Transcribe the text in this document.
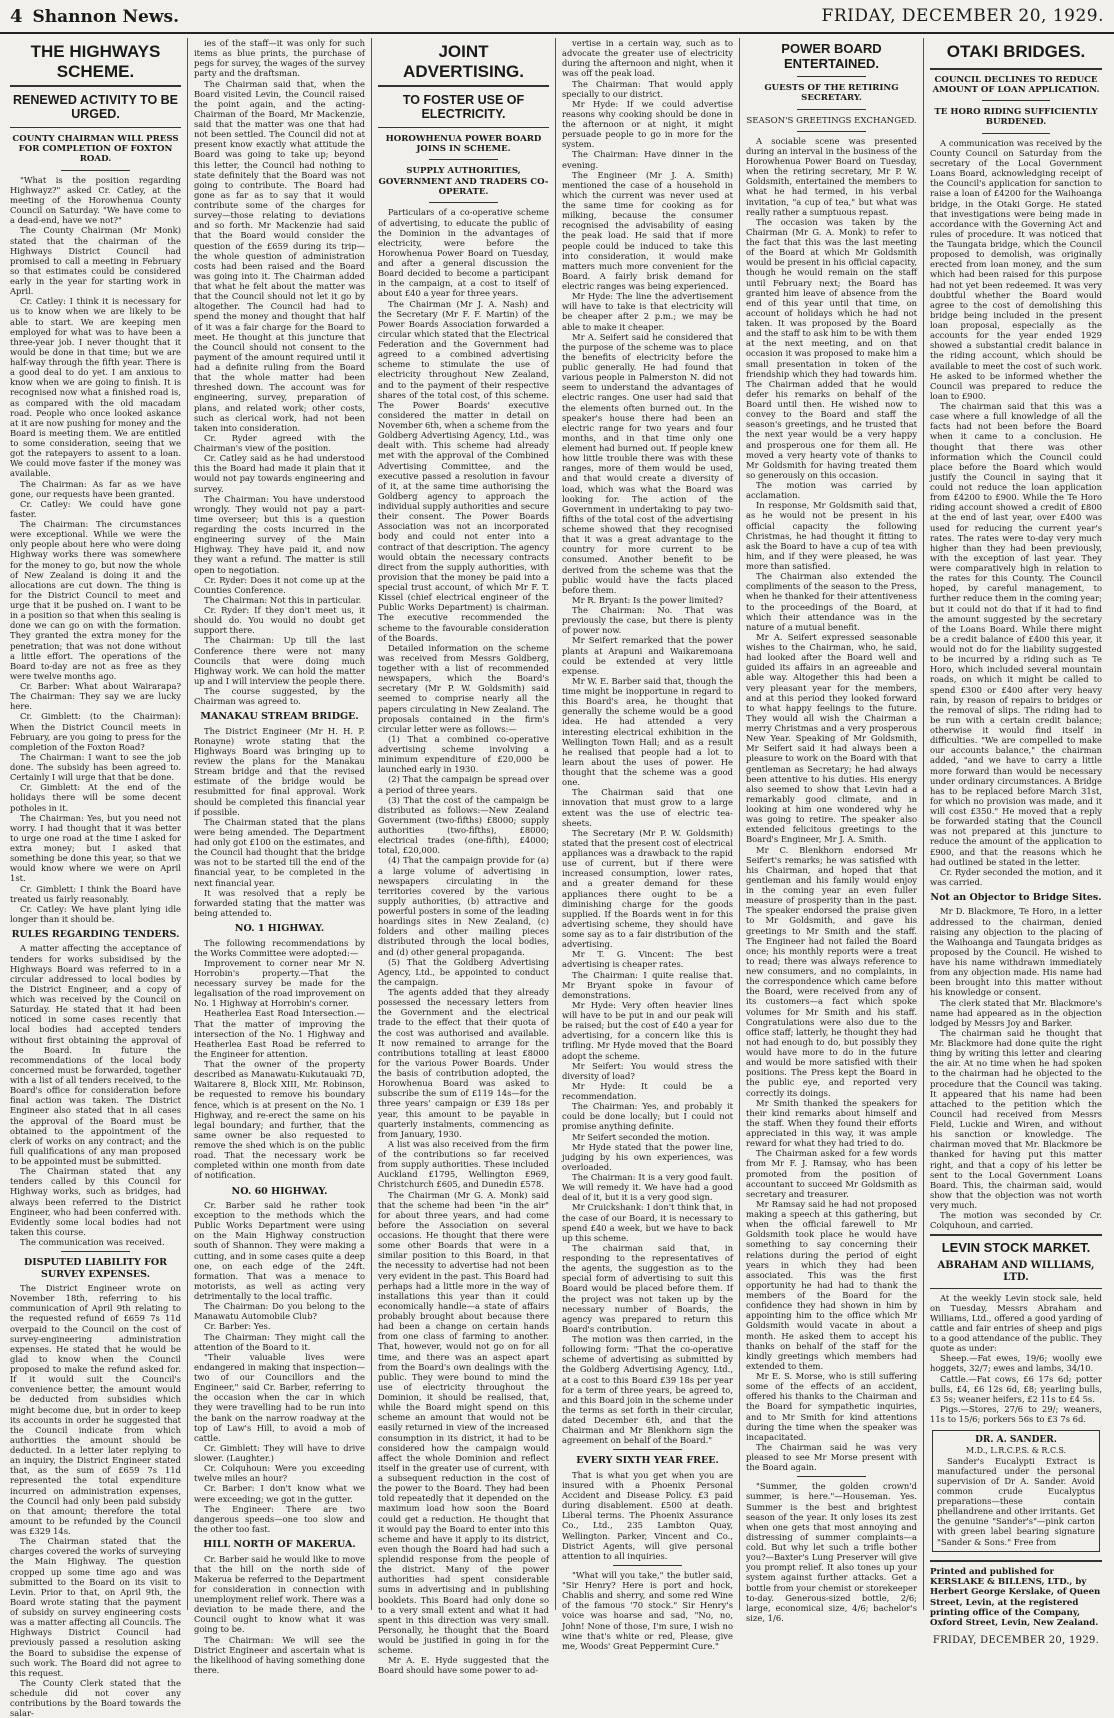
4 Shannon News.	FRIDAY, DECEMBER 20, 1929.
THE HIGHWAYS SCHEME.
RENEWED ACTIVITY TO BE URGED.
COUNTY CHAIRMAN WILL PRESS FOR COMPLETION OF FOXTON ROAD.

"What is the position regarding Highwayz?" asked Cr. Catley, at the meeting of the Horowhenua County Council on Saturday. "We have come to a dead-end, have we not?"

The County Chairman (Mr Monk) stated that the chairman of the Highways District Council had promised to call a meeting in February so that estimates could be considered early in the year for starting work in April.

Cr. Catley: I think it is necessary for us to know when we are likely to be able to start. We are keeping men employed for what was to have been a three-year job. I never thought that it would be done in that time; but we are half-way through the fifth year. There is a good deal to do yet. I am anxious to know when we are going to finish. It is recognised now what a finished road is, as compared with the old macadam road. People who once looked askance at it are now pushing for money and the Board is meeting them. We are entitled to some consideration, seeing that we got the ratepayers to assent to a loan. We could move faster if the money was available.

The Chairman: As far as we have gone, our requests have been granted.

Cr. Catley: We could have gone faster.

The Chairman: The circumstances were exceptional. While we were the only people about here who were doing Highway works there was somewhere for the money to go, but now the whole of New Zealand is doing it and the allocations are cut down. The thing is for the District Council to meet and urge that it be pushed on. I want to be in a position so that when this sealing is done we can go on with the formation. They granted the extra money for the penetration; that was not done without a little effort. The operations of the Board to-day are not as free as they were twelve months ago.

Cr. Barber: What about Wairarapa? The Chairman: They say we are lucky here.

Cr. Gimblett: (to the Chairman): When the District Council meets in February, are you going to press for the completion of the Foxton Road?

The Chairman: I want to see the job done. The subsidy has been agreed to. Certainly I will urge that that be done.

Cr. Gimblett: At the end of the holidays there will be some decent potholes in it.

The Chairman: Yes, but you need not worry. I had thought that it was better to urge one road at the time I asked for extra money; but I asked that something be done this year, so that we would know where we were on April 1st.

Cr. Gimblett: I think the Board have treated us fairly reasonably.

Cr. Catley: We have plant lying idle longer than it should be.

RULES REGARDING TENDERS.

A matter affecting the acceptance of tenders for works subsidised by the Highways Board was referred to in a circular addressed to local bodies by the District Engineer, and a copy of which was received by the Council on Saturday. He stated that it had been noticed in some cases recently that local bodies had accepted tenders without first obtaining the approval of the Board. In future the recommendations of the local body concerned must be forwarded, together with a list of all tenders received, to the Board's office for consideration before final action was taken. The District Engineer also stated that in all cases the approval of the Board must be obtained to the appointment of the clerk of works on any contract; and the full qualifications of any man proposed to be appointed must be submitted.

The Chairman stated that any tenders called by this Council for Highway works, such as bridges, had always been referred to the District Engineer, who had been conferred with. Evidently some local bodies had not taken this course.

The communication was received.

DISPUTED LIABILITY FOR SURVEY EXPENSES.

The District Engineer wrote on November 18th, referring to his communication of April 9th relating to the requested refund of £659 7s 11d overpaid to the Council on the cost of survey-engineering administration expenses. He stated that he would be glad to know when the Council proposed to make the refund asked for. If it would suit the Council's convenience better, the amount would be deducted from subsidies which might become due, but in order to keep its accounts in order he suggested that the Council indicate from which authorities the amount should be deducted. In a letter later replying to an inquiry, the District Engineer stated that, as the sum of £659 7s 11d represented the total expenditure incurred on administration expenses, the Council had only been paid subsidy on that amount; therefore the total amount to be refunded by the Council was £329 14s.

The Chairman stated that the charges covered the works of surveying the Main Highway. The question cropped up some time ago and was submitted to the Board on its visit to Levin. Prior to that, on April 9th, the Board wrote stating that the payment of subsidy on survey engineering costs was a matter affecting all Councils. The Highways District Council had previously passed a resolution asking the Board to subsidise the expense of such work. The Board did not agree to this request.

The County Clerk stated that the schedule did not cover any contributions by the Board towards the salar-

ies of the staff—it was only for such items as blue prints, the purchase of pegs for survey, the wages of the survey party and the draftsman.

The Chairman said that, when the Board visited Levin, the Council raised the point again, and the acting-Chairman of the Board, Mr Mackenzie, said that the matter was one that had not been settled. The Council did not at present know exactly what attitude the Board was going to take up; beyond this letter, the Council had nothing to state definitely that the Board was not going to contribute. The Board had gone as far as to say that it would contribute some of the charges for survey—those relating to deviations and so forth. Mr Mackenzie had said that the Board would consider the question of the £659 during its trip—the whole question of administration costs had been raised and the Board was going into it. The Chairman added that what he felt about the matter was that the Council should not let it go by altogether. The Council had had to spend the money and thought that half of it was a fair charge for the Board to meet. He thought at this juncture that the Council should not consent to the payment of the amount required until it had a definite ruling from the Board that the whole matter had been threshed down. The account was for engineering, survey, preparation of plans, and related work; other costs, such as clerical work, had not been taken into consideration.

Cr. Ryder agreed with the Chairman's view of the position.

Cr. Catley said as he had understood this the Board had made it plain that it would not pay towards engineering and survey.

The Chairman: You have understood wrongly. They would not pay a part-time overseer; but this is a question regarding the costs incurred in the engineering survey of the Main Highway. They have paid it, and now they want a refund. The matter is still open to negotiation.

Cr. Ryder: Does it not come up at the Counties Conference.

The Chairman: Not this in particular.

Cr. Ryder: If they don't meet us, it should do. You would no doubt get support there.

The Chairman: Up till the last Conference there were not many Councils that were doing much Highway work. We can hold the matter up and I will interview the people there.

The course suggested, by the Chairman was agreed to.

MANAKAU STREAM BRIDGE.

The District Engineer (Mr H. H. P. Ronayne) wrote stating that the Highways Board was bringing up to review the plans for the Manakau Stream bridge and that the revised estimate of the bridge would be resubmitted for final approval. Work should be completed this financial year if possible.

The Chairman stated that the plans were being amended. The Department had only got £100 on the estimates, and the Council had thought that the bridge was not to be started till the end of the financial year, to be completed in the next financial year.

It was resolved that a reply be forwarded stating that the matter was being attended to.

NO. 1 HIGHWAY.

The following recommendations by the Works Committee were adopted:—

Improvement to corner near Mr N. Horrobin's property.—That the necessary survey be made for the legalisation of the road improvement on No. 1 Highway at Horrobin's corner.

Heatherlea East Road Intersection.—That the matter of improving the intersection of the No. 1 Highway and Heatherlea East Road be referred to the Engineer for attention.

That the owner of the property described as Manawatu-Kukutauaki 7D, Waitarere 8, Block XIII, Mr. Robinson, be requested to remove his boundary fence, which is at present on the No. 1 Highway, and re-erect the same on his legal boundary; and further, that the same owner be also requested to remove the shed which is on the public road. That the necessary work be completed within one month from date of notification.

NO. 60 HIGHWAY.

Cr. Barber said he rather took exception to the methods which the Public Works Department were using on the Main Highway construction south of Shannon. They were making a cutting, and in some cases quite a deep one, on each edge of the 24ft. formation. That was a menace to motorists, as well as acting very detrimentally to the local traffic.

The Chairman: Do you belong to the Manawatu Automobile Club?

Cr. Barber: Yes.

The Chairman: They might call the attention of the Board to it.

"Their valuable lives were endangered in making that inspection—two of our Councillors and the Engineer," said Cr. Barber, referring to the occasion when the car in which they were travelling had to be run into the bank on the narrow roadway at the top of Law's Hill, to avoid a mob of cattle.

Cr. Gimblett: They will have to drive slower. (Laughter.)

Cr. Colquhoun: Were you exceeding twelve miles an hour?

Cr. Barber: I don't know what we were exceeding; we got in the gutter.

The Engineer: There are two dangerous speeds—one too slow and the other too fast.

HILL NORTH OF MAKERUA.

Cr. Barber said he would like to move that the hill on the north side of Makerua be referred to the Department for consideration in connection with unemployment relief work. There was a deviation to be made there, and the Council ought to know what it was going to be.

The Chairman: We will see the District Engineer and ascertain what is the likelihood of having something done there.

JOINT ADVERTISING.
TO FOSTER USE OF ELECTRICITY.
HOROWHENUA POWER BOARD JOINS IN SCHEME.
SUPPLY AUTHORITIES, GOVERNMENT AND TRADERS CO-OPERATE.

Particulars of a co-operative scheme of advertising, to educate the public of the Dominion in the advantages of electricity, were before the Horowhenua Power Board on Tuesday, and after a general discussion the Board decided to become a participant in the campaign, at a cost to itself of about £40 a year for three years.

The Chairman (Mr J. A. Nash) and the Secretary (Mr F. F. Martin) of the Power Boards Association forwarded a circular which stated that the Electrical Federation and the Government had agreed to a combined advertising scheme to stimulate the use of electricity throughout New Zealand, and to the payment of their respective shares of the total cost, of this scheme. The Power Boards' executive considered the matter in detail on November 6th, when a scheme from the Goldberg Advertising Agency, Ltd., was dealt with. This scheme had already met with the approval of the Combined Advertising Committee, and the executive passed a resolution in favour of it, at the same time authorising the Goldberg agency to approach the individual supply authorities and secure their consent. The Power Boards Association was not an incorporated body and could not enter into a contract of that description. The agency would obtain the necessary contracts direct from the supply authorities, with provision that the money be paid into a special trust account, of which Mr F. T. Kissel (chief electrical engineer of the Public Works Department) is chairman. The executive recommended the scheme to the favourable consideration of the Boards.

Detailed information on the scheme was received from Messrs Goldberg, together with a list of recommended newspapers, which the Board's secretary (Mr P. W. Goldsmith) said seemed to comprise nearly all the papers circulating in New Zealand. The proposals contained in the firm's circular letter were as follows:—

(1) That a combined co-operative advertising scheme involving a minimum expenditure of £20,000 be launched early in 1930.

(2) That the campaign be spread over a period of three years.

(3) That the cost of the campaign be distributed as follows:—New Zealand Government (two-fifths) £8000; supply authorities (two-fifths), £8000; electrical trades (one-fifth), £4000; total, £20,000.

(4) That the campaign provide for (a) a large volume of advertising in newspapers circulating in the territories covered by the various supply authorities, (b) attractive and powerful posters in some of the leading hoardings sites in New Zealand, (c) folders and other mailing pieces distributed through the local bodies, and (d) other general propaganda.

(5) That the Goldberg Advertising Agency, Ltd., be appointed to conduct the campaign.

The agents added that they already possessed the necessary letters from the Government and the electrical trade to the effect that their quota of the cost was authorised and available. It now remained to arrange for the contributions totalling at least £8000 for the various Power Boards. Under the basis of contribution adopted, the Horowhenua Board was asked to subscribe the sum of £119 14s—for the three years' campaign or £39 18s per year, this amount to be payable in quarterly instalments, commencing as from January, 1930.

A list was also received from the firm of the contributions so far received from supply authorities. These included Auckland £1795, Wellington £969, Christchurch £605, and Dunedin £578.

The Chairman (Mr G. A. Monk) said that the scheme had been "in the air" for about three years, and had come before the Association on several occasions. He thought that there were some other Boards that were in a similar position to this Board, in that the necessity to advertise had not been very evident in the past. This Board had perhaps had a little more in the way of installations this year than it could economically handle—a state of affairs probably brought about because there had been a change on certain hands from one class of farming to another. That, however, would not go on for all time, and there was an aspect apart from the Board's own dealings with the public. They were bound to mind the use of electricity throughout the Dominion, it should be realised, that, while the Board might spend on this scheme an amount that would not be easily returned in view of the increased consumption in its district, it had to be considered how the campaign would affect the whole Dominion and reflect itself in the greater use of current, with a subsequent reduction in the cost of the power to the Board. They had been told repeatedly that it depended on the maximum load how soon the Board could get a reduction. He thought that it would pay the Board to enter into this scheme and have it apply to its district, even though the Board had had such a splendid response from the people of the district. Many of the power authorities had spent considerable sums in advertising and in publishing booklets. This Board had only done so to a very small extent and what it had spent in this direction was very small. Personally, he thought that the Board would be justified in going in for the scheme.

Mr A. E. Hyde suggested that the Board should have some power to ad-

vertise in a certain way, such as to advocate the greater use of electricity during the afternoon and night, when it was off the peak load.

The Chairman: That would apply specially to our district.

Mr Hyde: If we could advertise reasons why cooking should be done in the afternoon or at night, it might persuade people to go in more for the system.

The Chairman: Have dinner in the evening.

The Engineer (Mr J. A. Smith) mentioned the case of a household in which the current was never used at the same time for cooking as for milking, because the consumer recognised the advisability of easing the peak load. He said that if more people could be induced to take this into consideration, it would make matters much more convenient for the Board. A fairly brisk demand for electric ranges was being experienced.

Mr Hyde: The line the advertisement will have to take is that electricity will be cheaper after 2 p.m.; we may be able to make it cheaper.

Mr A. Seifert said he considered that the purpose of the scheme was to place the benefits of electricity before the public generally. He had found that various people in Palmerston N. did not seem to understand the advantages of electric ranges. One user had said that the elements often burned out. In the speaker's house there had been an electric range for two years and four months, and in that time only one element had burned out. If people knew how little trouble there was with these ranges, more of them would be used, and that would create a diversity of load, which was what the Board was looking for. The action of the Government in undertaking to pay two-fifths of the total cost of the advertising scheme showed that they recognised that it was a great advantage to the country for more current to be consumed. Another benefit to be derived from the scheme was that the public would have the facts placed before them.

Mr R. Bryant: Is the power limited?

The Chairman: No. That was previously the case, but there is plenty of power now.

Mr Seifert remarked that the power plants at Arapuni and Waikaremoana could be extended at very little expense.

Mr W. E. Barber said that, though the time might be inopportune in regard to this Board's area, he thought that generally the scheme would be a good idea. He had attended a very interesting electrical exhibition in the Wellington Town Hall; and as a result he realised that people had a lot to learn about the uses of power. He thought that the scheme was a good one.

The Chairman said that one innovation that must grow to a large extent was the use of electric tea-sheets.

The Secretary (Mr P. W. Goldsmith) stated that the present cost of electrical appliances was a drawback to the rapid use of current, but if there were increased consumption, lower rates, and a greater demand for these appliances there ought to be a diminishing charge for the goods supplied. If the Boards went in for this advertising scheme, they should have some say as to a fair distribution of the advertising.

Mr T. G. Vincent: The best advertising is cheaper rates.

The Chairman: I quite realise that. Mr Bryant spoke in favour of demonstrations.

Mr Hyde: Very often heavier lines will have to be put in and our peak will be raised; but the cost of £40 a year for advertising, for a concern like this is trifling. Mr Hyde moved that the Board adopt the scheme.

Mr Seifert: You would stress the diversity of load?

Mr Hyde: It could be a recommendation.

The Chairman: Yes, and probably it could be done locally; but I could not promise anything definite.

Mr Seifert seconded the motion.

Mr Hyde stated that the power line, judging by his own experiences, was overloaded.

The Chairman: It is a very good fault. We will remedy it. We have had a good deal of it, but it is a very good sign.

Mr Cruickshank: I don't think that, in the case of our Board, it is necessary to spend £40 a week, but we have to back up this scheme.

The chairman said that, in responding to the representatives of the agents, the suggestion as to the special form of advertising to suit this Board would be placed before them. If the project was not taken up by the necessary number of Boards, the agency was prepared to return this Board's contribution.

The motion was then carried, in the following form: "That the co-operative scheme of advertising as submitted by the Goldberg Advertising Agency, Ltd., at a cost to this Board £39 18s per year for a term of three years, be agreed to, and this Board join in the scheme under the terms as set forth in their circular, dated December 6th, and that the Chairman and Mr Blenkhorn sign the agreement on behalf of the Board."

EVERY SIXTH YEAR FREE.

That is what you get when you are insured with a Phoenix Personal Accident and Disease Policy. £3 paid during disablement. £500 at death. Liberal terms. The Phoenix Assurance Co., Ltd., 235 Lambton Quay, Wellington. Parker, Vincent and Co., District Agents, will give personal attention to all inquiries.

"What will you take," the butler said, "Sir Henry? Here is port and hock, Chablis and sherry, and some red Wine of the famous '70 stock." Sir Henry's voice was hoarse and sad, "No, no, John! None of those, I'm sure, I wish no wine that's white or red, Please, give me, Woods' Great Peppermint Cure."

POWER BOARD ENTERTAINED.
GUESTS OF THE RETIRING SECRETARY.
SEASON'S GREETINGS EXCHANGED.

A sociable scene was presented during an interval in the business of the Horowhenua Power Board on Tuesday, when the retiring secretary, Mr P. W. Goldsmith, entertained the members to what he had termed, in his verbal invitation, "a cup of tea," but what was really rather a sumptuous repast.

The occasion was taken by the Chairman (Mr G. A. Monk) to refer to the fact that this was the last meeting of the Board at which Mr Goldsmith would be present in his official capacity, though he would remain on the staff until February next; the Board has granted him leave of absence from the end of this year until that time, on account of holidays which he had not taken. It was proposed by the Board and the staff to ask him to be with them at the next meeting, and on that occasion it was proposed to make him a small presentation in token of the friendship which they had towards him. The Chairman added that he would defer his remarks on behalf of the Board until then. He wished now to convey to the Board and staff the season's greetings, and he trusted that the next year would be a very happy and prosperous one for them all. He moved a very hearty vote of thanks to Mr Goldsmith for having treated them so generously on this occasion.

The motion was carried by acclamation.

In response, Mr Goldsmith said that, as he would not be present in his official capacity the following Christmas, he had thought it fitting to ask the Board to have a cup of tea with him, and if they were pleased, he was more than satisfied.

The Chairman also extended the compliments of the season to the Press, when he thanked for their attentiveness to the proceedings of the Board, at which their attendance was in the nature of a mutual benefit.

Mr A. Seifert expressed seasonable wishes to the Chairman, who, he said, had looked after the Board well and guided its affairs in an agreeable and able way. Altogether this had been a very pleasant year for the members, and at this period they looked forward to what happy feelings to the future. They would all wish the Chairman a merry Christmas and a very prosperous New Year. Speaking of Mr Goldsmith, Mr Seifert said it had always been a pleasure to work on the Board with that gentleman as Secretary; he had always been attentive to his duties. His energy also seemed to show that Levin had a remarkably good climate, and in looking at him one wondered why he was going to retire. The speaker also extended felicitous greetings to the Board's Engineer, Mr J. A. Smith.

Mr C. Blenkhorn endorsed Mr Seifert's remarks; he was satisfied with his Chairman, and hoped that that gentleman and his family would enjoy in the coming year an even fuller measure of prosperity than in the past. The speaker endorsed the praise given to Mr Goldsmith, and gave his greetings to Mr Smith and the staff. The Engineer had not failed the Board once; his monthly reports were a treat to read; there was always reference to new consumers, and no complaints, in the correspondence which came before the Board, were received from any of its customers—a fact which spoke volumes for Mr Smith and his staff. Congratulations were also due to the office staff; latterly, he thought they had not had enough to do, but possibly they would have more to do in the future and would be more satisfied with their positions. The Press kept the Board in the public eye, and reported very correctly its doings.

Mr Smith thanked the speakers for their kind remarks about himself and the staff. When they found their efforts appreciated in this way, it was ample reward for what they had tried to do.

The Chairman asked for a few words from Mr F. J. Ramsay, who has been promoted from the position of accountant to succeed Mr Goldsmith as secretary and treasurer.

Mr Ramsay said he had not proposed making a speech at this gathering, but when the official farewell to Mr Goldsmith took place he would have something to say concerning their relations during the period of eight years in which they had been associated. This was the first opportunity he had had to thank the members of the Board for the confidence they had shown in him by appointing him to the office which Mr Goldsmith would vacate in about a month. He asked them to accept his thanks on behalf of the staff for the kindly greetings which members had extended to them.

Mr E. S. Morse, who is still suffering some of the effects of an accident, offered his thanks to the Chairman and the Board for sympathetic inquiries, and to Mr Smith for kind attentions during the time when the speaker was incapacitated.

The Chairman said he was very pleased to see Mr Morse present with the Board again.

"Summer, the golden crown'd summer, is here."—Houseman. Yes. Summer is the best and brightest season of the year. It only loses its zest when one gets that most annoying and distressing of summer complaints—a cold. But why let such a trifle bother you?—Baxter's Lung Preserver will give you prompt relief. It also tones up your system against further attacks. Get a bottle from your chemist or storekeeper to-day. Generous-sized bottle, 2/6; large, economical size, 4/6; bachelor's size, 1/6.

OTAKI BRIDGES.
COUNCIL DECLINES TO REDUCE AMOUNT OF LOAN APPLICATION.
TE HORO RIDING SUFFICIENTLY BURDENED.

A communication was received by the County Council on Saturday from the secretary of the Local Government Loans Board, acknowledging receipt of the Council's application for sanction to raise a loan of £4200 for the Waihoanga bridge, in the Otaki Gorge. He stated that investigations were being made in accordance with the Governing Act and rules of procedure. It was noticed that the Taungata bridge, which the Council proposed to demolish, was originally erected from loan money, and the sum which had been raised for this purpose had not yet been redeemed. It was very doubtful whether the Board would agree to the cost of demolishing this bridge being included in the present loan proposal, especially as the accounts for the year ended 1929 showed a substantial credit balance in the riding account, which should be available to meet the cost of such work. He asked to be informed whether the Council was prepared to reduce the loan to £900.

The chairman said that this was a case where a full knowledge of all the facts had not been before the Board when it came to a conclusion. He thought that there was other information which the Council could place before the Board which would justify the Council in saying that it could not reduce the loan application from £4200 to £900. While the Te Horo riding account showed a credit of £800 at the end of last year, over £400 was used for reducing the current year's rates. The rates were to-day very much higher than they had been previously, with the exception of last year. They were comparatively high in relation to the rates for this County. The Council hoped, by careful management, to further reduce them in the coming year; but it could not do that if it had to find the amount suggested by the secretary of the Loans Board. While there might be a credit balance of £400 this year, it would not do for the liability suggested to be incurred by a riding such as Te Horo, which included several mountain roads, on which it might be called to spend £300 or £400 after very heavy rain, by reason of repairs to bridges or the removal of slips. The riding had to be run with a certain credit balance; otherwise it would find itself in difficulties. "We are compelled to make our accounts balance," the chairman added, "and we have to carry a little more forward than would be necessary under ordinary circumstances. A Bridge has to be replaced before March 31st, for which no provision was made, and it will cost £350." He moved that a reply be forwarded stating that the Council was not prepared at this juncture to reduce the amount of the application to £900, and that the reasons which he had outlined be stated in the letter.

Cr. Ryder seconded the motion, and it was carried.

Not an Objector to Bridge Sites.

Mr D. Blackmore, Te Horo, in a letter addressed to the chairman, denied raising any objection to the placing of the Waihoanga and Taungata bridges as proposed by the Council. He wished to have his name withdrawn immediately from any objection made. His name had been brought into this matter without his knowledge or consent.

The clerk stated that Mr. Blackmore's name had appeared as in the objection lodged by Messrs Joy and Barker.

The chairman said he thought that Mr. Blackmore had done quite the right thing by writing this letter and clearing the air. At no time when he had spoken to the chairman had he objected to the procedure that the Council was taking. It appeared that his name had been attached to the petition which the Council had received from Messrs Field, Luckie and Wiren, and without his sanction or knowledge. The chairman moved that Mr. Blackmore be thanked for having put this matter right, and that a copy of his letter be sent to the Local Government Loans Board. This, the chairman said, would show that the objection was not worth very much.

The motion was seconded by Cr. Colquhoun, and carried.

LEVIN STOCK MARKET.
ABRAHAM AND WILLIAMS, LTD.

At the weekly Levin stock sale, held on Tuesday, Messrs Abraham and Williams, Ltd., offered a good yarding of cattle and fair entries of sheep and pigs to a good attendance of the public. They quote as under:

Sheep.—Fat ewes, 19/6; woolly ewe hoggets, 32/7; ewes and lambs, 34/10.

Cattle.—Fat cows, £6 17s 6d; potter bulls, £4, £6 12s 6d, £8; yearling bulls, £3 5s; weaner heifers, £2 11s to £4 5s.

Pigs.—Stores, 27/6 to 29/; weaners, 11s to 15/6; porkers 56s to £3 7s 6d.

DR. A. SANDER.
M.D., L.R.C.P.S. & R.C.S.

Sander's Eucalypti Extract is manufactured under the personal supervision of Dr A. Sander. Avoid common crude Eucalyptus preparations—these contain phellandrene and other irritants. Get the genuine "Sander's"—pink carton with green label bearing signature "Sander & Sons." Free from

Printed and published for KERSLAKE & BILLENS, LTD., by Herbert George Kerslake, of Queen Street, Levin, at the registered printing office of the Company, Oxford Street, Levin, New Zealand.
FRIDAY, DECEMBER 20, 1929.
